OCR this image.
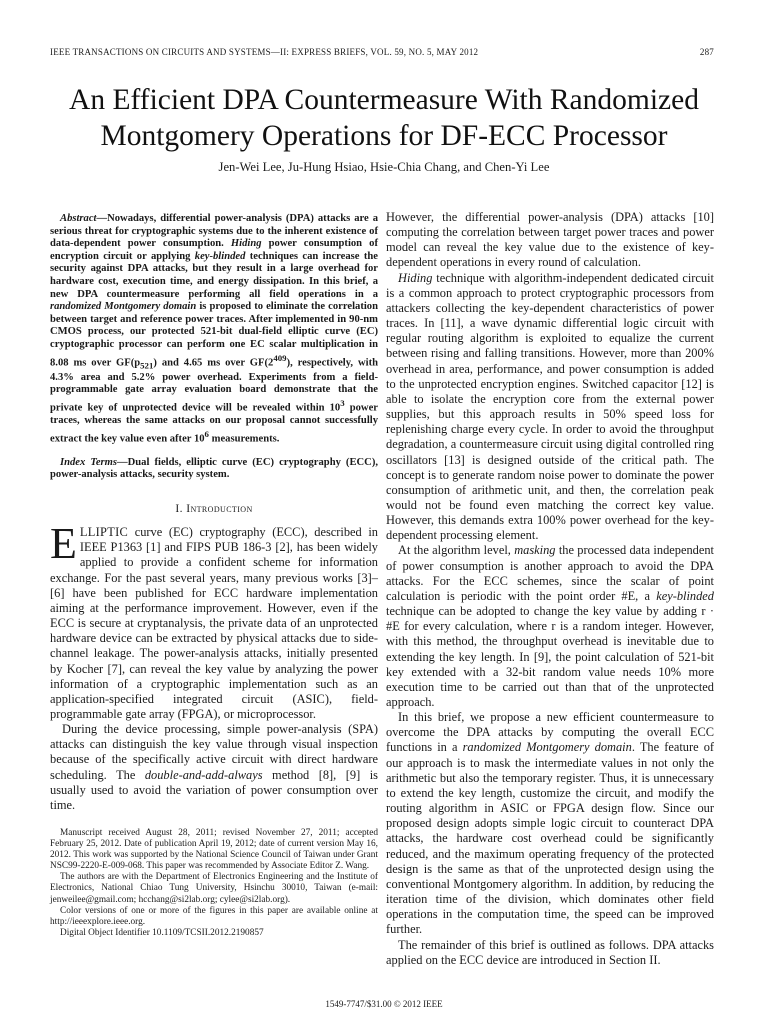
IEEE TRANSACTIONS ON CIRCUITS AND SYSTEMS—II: EXPRESS BRIEFS, VOL. 59, NO. 5, MAY 2012	287
An Efficient DPA Countermeasure With Randomized
Montgomery Operations for DF-ECC Processor
Jen-Wei Lee, Ju-Hung Hsiao, Hsie-Chia Chang, and Chen-Yi Lee

Abstract—Nowadays, differential power-analysis (DPA) attacks are a serious threat for cryptographic systems due to the inherent existence of data-dependent power consumption. Hiding power consumption of encryption circuit or applying key-blinded techniques can increase the security against DPA attacks, but they result in a large overhead for hardware cost, execution time, and energy dissipation. In this brief, a new DPA countermeasure performing all field operations in a randomized Montgomery domain is proposed to eliminate the correlation between target and reference power traces. After implemented in 90-nm CMOS process, our protected 521-bit dual-field elliptic curve (EC) cryptographic processor can perform one EC scalar multiplication in 8.08 ms over $GF(p_{521})$ and 4.65 ms over $GF(2^{409})$, respectively, with 4.3% area and 5.2% power overhead. Experiments from a field-programmable gate array evaluation board demonstrate that the private key of unprotected device will be revealed within $10^3$ power traces, whereas the same attacks on our proposal cannot successfully extract the key value even after $10^6$ measurements.

Index Terms—Dual fields, elliptic curve (EC) cryptography (ECC), power-analysis attacks, security system.

I. Introduction

ELLIPTIC curve (EC) cryptography (ECC), described in IEEE P1363 [1] and FIPS PUB 186-3 [2], has been widely applied to provide a confident scheme for information exchange. For the past several years, many previous works [3]–[6] have been published for ECC hardware implementation aiming at the performance improvement. However, even if the ECC is secure at cryptanalysis, the private data of an unprotected hardware device can be extracted by physical attacks due to side-channel leakage. The power-analysis attacks, initially presented by Kocher [7], can reveal the key value by analyzing the power information of a cryptographic implementation such as an application-specified integrated circuit (ASIC), field-programmable gate array (FPGA), or microprocessor.

During the device processing, simple power-analysis (SPA) attacks can distinguish the key value through visual inspection because of the specifically active circuit with direct hardware scheduling. The double-and-add-always method [8], [9] is usually used to avoid the variation of power consumption over time.

Manuscript received August 28, 2011; revised November 27, 2011; accepted February 25, 2012. Date of publication April 19, 2012; date of current version May 16, 2012. This work was supported by the National Science Council of Taiwan under Grant NSC99-2220-E-009-068. This paper was recommended by Associate Editor Z. Wang.

The authors are with the Department of Electronics Engineering and the Institute of Electronics, National Chiao Tung University, Hsinchu 30010, Taiwan (e-mail: jenweilee@gmail.com; hcchang@si2lab.org; cylee@si2lab.org).

Color versions of one or more of the figures in this paper are available online at http://ieeexplore.ieee.org.

Digital Object Identifier 10.1109/TCSII.2012.2190857

However, the differential power-analysis (DPA) attacks [10] computing the correlation between target power traces and power model can reveal the key value due to the existence of key-dependent operations in every round of calculation.

Hiding technique with algorithm-independent dedicated circuit is a common approach to protect cryptographic processors from attackers collecting the key-dependent characteristics of power traces. In [11], a wave dynamic differential logic circuit with regular routing algorithm is exploited to equalize the current between rising and falling transitions. However, more than 200% overhead in area, performance, and power consumption is added to the unprotected encryption engines. Switched capacitor [12] is able to isolate the encryption core from the external power supplies, but this approach results in 50% speed loss for replenishing charge every cycle. In order to avoid the throughput degradation, a countermeasure circuit using digital controlled ring oscillators [13] is designed outside of the critical path. The concept is to generate random noise power to dominate the power consumption of arithmetic unit, and then, the correlation peak would not be found even matching the correct key value. However, this demands extra 100% power overhead for the key-dependent processing element.

At the algorithm level, masking the processed data independent of power consumption is another approach to avoid the DPA attacks. For the ECC schemes, since the scalar of point calculation is periodic with the point order #E, a key-blinded technique can be adopted to change the key value by adding r · #E for every calculation, where r is a random integer. However, with this method, the throughput overhead is inevitable due to extending the key length. In [9], the point calculation of 521-bit key extended with a 32-bit random value needs 10% more execution time to be carried out than that of the unprotected approach.

In this brief, we propose a new efficient countermeasure to overcome the DPA attacks by computing the overall ECC functions in a randomized Montgomery domain. The feature of our approach is to mask the intermediate values in not only the arithmetic but also the temporary register. Thus, it is unnecessary to extend the key length, customize the circuit, and modify the routing algorithm in ASIC or FPGA design flow. Since our proposed design adopts simple logic circuit to counteract DPA attacks, the hardware cost overhead could be significantly reduced, and the maximum operating frequency of the protected design is the same as that of the unprotected design using the conventional Montgomery algorithm. In addition, by reducing the iteration time of the division, which dominates other field operations in the computation time, the speed can be improved further.

The remainder of this brief is outlined as follows. DPA attacks applied on the ECC device are introduced in Section II.

1549-7747/$31.00 © 2012 IEEE
